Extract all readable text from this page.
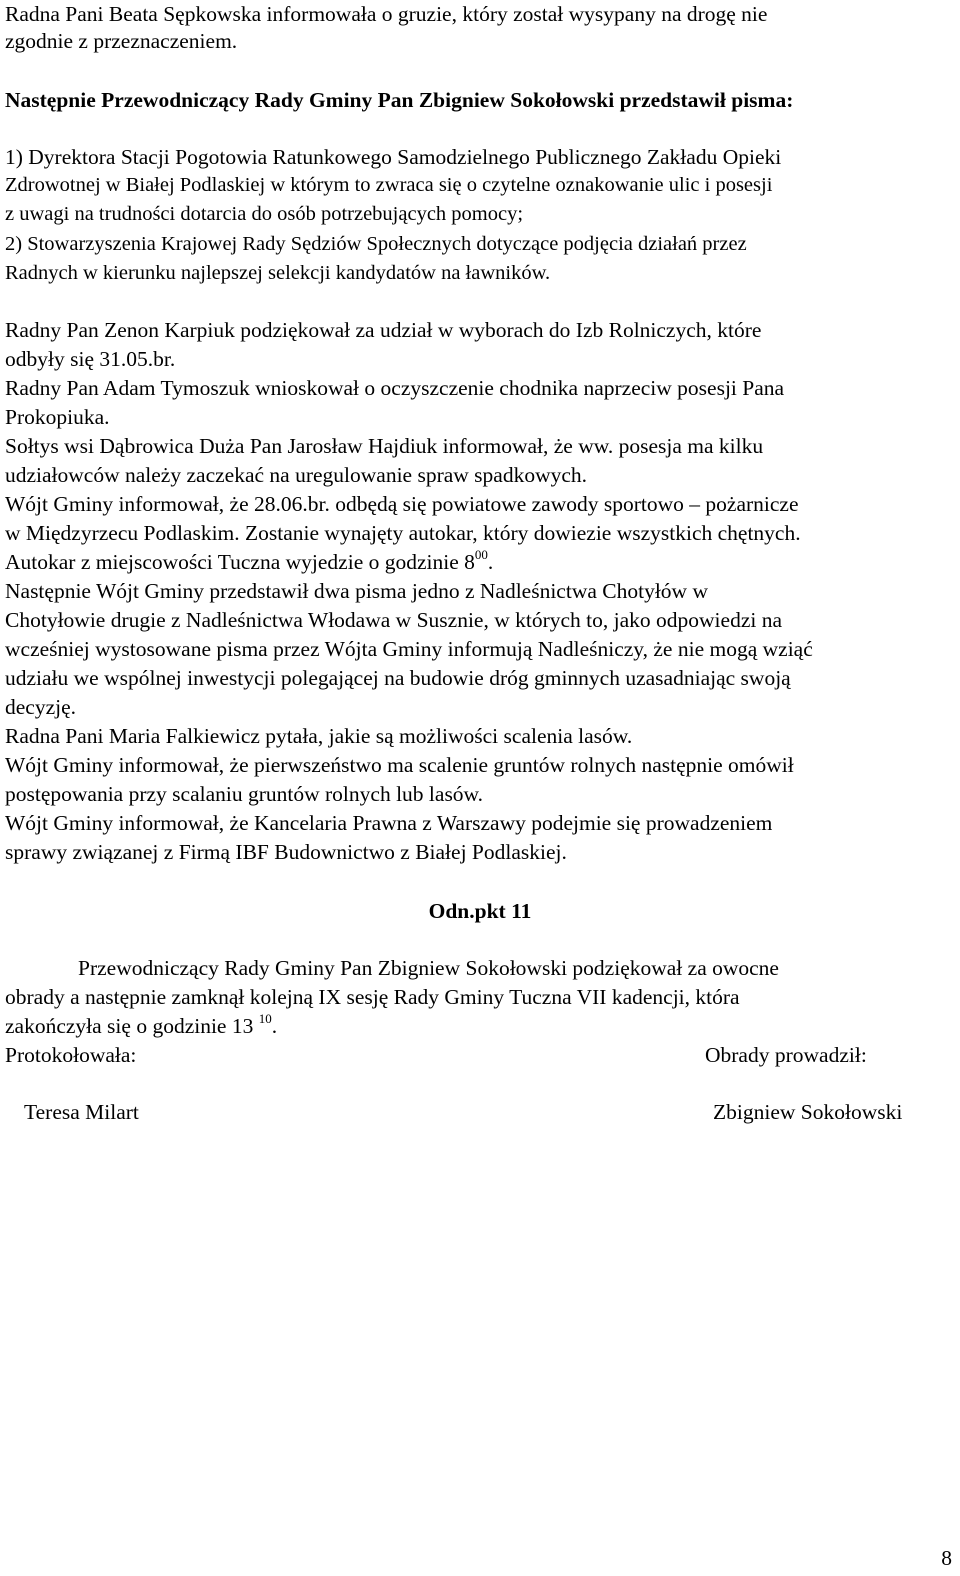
Radna Pani Beata Sępkowska informowała o gruzie, który został wysypany na drogę nie

zgodnie z przeznaczeniem.

Następnie Przewodniczący Rady Gminy Pan Zbigniew Sokołowski przedstawił pisma:

1) Dyrektora Stacji Pogotowia Ratunkowego Samodzielnego Publicznego Zakładu Opieki

Zdrowotnej w Białej Podlaskiej w którym to zwraca się o czytelne oznakowanie ulic i posesji

z uwagi na trudności dotarcia do osób potrzebujących pomocy;

2) Stowarzyszenia Krajowej Rady Sędziów Społecznych dotyczące podjęcia działań przez

Radnych w kierunku najlepszej selekcji kandydatów na ławników.

Radny Pan Zenon Karpiuk podziękował za udział w wyborach do Izb Rolniczych, które

odbyły się 31.05.br.

Radny Pan Adam Tymoszuk wnioskował o oczyszczenie chodnika naprzeciw posesji Pana

Prokopiuka.

Sołtys wsi Dąbrowica Duża Pan Jarosław Hajdiuk informował, że ww. posesja ma kilku

udziałowców należy zaczekać na uregulowanie spraw spadkowych.

Wójt Gminy informował, że 28.06.br. odbędą się powiatowe zawody sportowo – pożarnicze

w Międzyrzecu Podlaskim. Zostanie wynajęty autokar, który dowiezie wszystkich chętnych.

Autokar z miejscowości Tuczna wyjedzie o godzinie $8^{00}$.

Następnie Wójt Gminy przedstawił dwa pisma jedno z Nadleśnictwa Chotyłów w

Chotyłowie drugie z Nadleśnictwa Włodawa w Susznie, w których to, jako odpowiedzi na

wcześniej wystosowane pisma przez Wójta Gminy informują Nadleśniczy, że nie mogą wziąć

udziału we wspólnej inwestycji polegającej na budowie dróg gminnych uzasadniając swoją

decyzję.

Radna Pani Maria Falkiewicz pytała, jakie są możliwości scalenia lasów.

Wójt Gminy informował, że pierwszeństwo ma scalenie gruntów rolnych następnie omówił

postępowania przy scalaniu gruntów rolnych lub lasów.

Wójt Gminy informował, że Kancelaria Prawna z Warszawy podejmie się prowadzeniem

sprawy związanej z Firmą IBF Budownictwo z Białej Podlaskiej.

Odn.pkt 11

Przewodniczący Rady Gminy Pan Zbigniew Sokołowski podziękował za owocne

obrady a następnie zamknął kolejną IX sesję Rady Gminy Tuczna VII kadencji, która

zakończyła się o godzinie 13 $^{10}$.

Protokołowała:	Obrady prowadził:

Teresa Milart	Zbigniew Sokołowski

8
